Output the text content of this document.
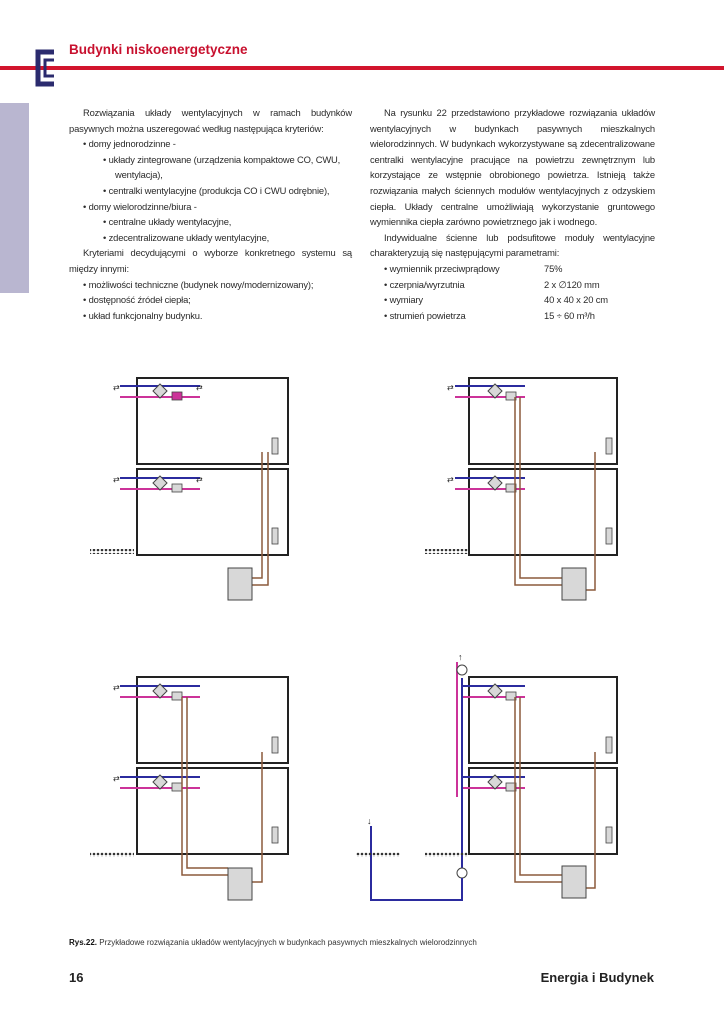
Budynki niskoenergetyczne

Rozwiązania układy wentylacyjnych w ramach budynków pasywnych można uszeregować według następująca kryteriów:

• domy jednorodzinne -

• układy zintegrowane (urządzenia kompaktowe CO, CWU,

wentylacja),

• centralki wentylacyjne (produkcja CO i CWU odrębnie),

• domy wielorodzinne/biura -

• centralne układy wentylacyjne,

• zdecentralizowane układy wentylacyjne,

Kryteriami decydującymi o wyborze konkretnego systemu są między innymi:

• możliwości techniczne (budynek nowy/modernizowany);

• dostępność źródeł ciepła;

• układ funkcjonalny budynku.

Na rysunku 22 przedstawiono przykładowe rozwiązania układów wentylacyjnych w budynkach pasywnych mieszkalnych wielorodzinnych. W budynkach wykorzystywane są zdecentralizowane centralki wentylacyjne pracujące na powietrzu zewnętrznym lub korzystające ze wstępnie obrobionego powietrza. Istnieją także rozwiązania małych ściennych modułów wentylacyjnych z odzyskiem ciepła. Układy centralne umożliwiają wykorzystanie gruntowego wymiennika ciepła zarówno powietrznego jak i wodnego.

Indywidualne ścienne lub podsufitowe moduły wentylacyjne charakteryzują się następującymi parametrami:

• wymiennik przeciwprądowy	75%
• czerpnia/wyrzutnia	2 x ∅120 mm
• wymiary	40 x 40 x 20 cm
• strumień powietrza	15 ÷ 60 m³/h
⇄	⇄
⇄	⇄
⇄
⇄
⇄
⇄
↓
↑
Rys.22. Przykładowe rozwiązania układów wentylacyjnych w budynkach pasywnych mieszkalnych wielorodzinnych
16	Energia i Budynek
